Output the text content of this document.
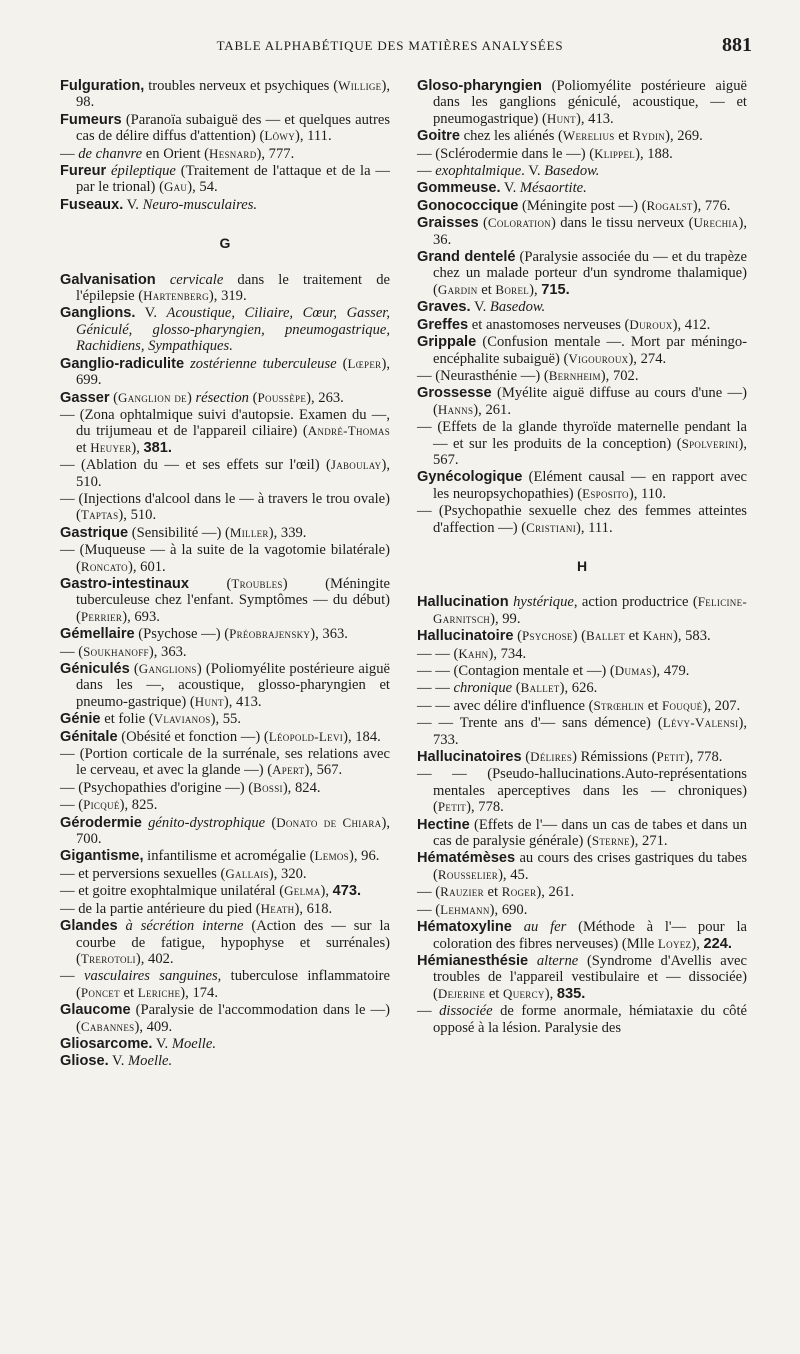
TABLE ALPHABÉTIQUE DES MATIÈRES ANALYSÉES	881
Fulguration, troubles nerveux et psychiques (Willige), 98.
Fumeurs (Paranoïa subaiguë des — et quelques autres cas de délire diffus d'attention) (Löwy), 111.
— de chanvre en Orient (Hesnard), 777.
Fureur épileptique (Traitement de l'attaque et de la — par le trional) (Gau), 54.
Fuseaux. V. Neuro-musculaires.
G
Galvanisation cervicale dans le traitement de l'épilepsie (Hartenberg), 319.
Ganglions. V. Acoustique, Ciliaire, Cœur, Gasser, Géniculé, glosso-pharyngien, pneumogastrique, Rachidiens, Sympathiques.
Ganglio-radiculite zostérienne tuberculeuse (Lœper), 699.
Gasser (Ganglion de) résection (Poussèpe), 263.
— (Zona ophtalmique suivi d'autopsie. Examen du —, du trijumeau et de l'appareil ciliaire) (André-Thomas et Heuyer), 381.
— (Ablation du — et ses effets sur l'œil) (Jaboulay), 510.
— (Injections d'alcool dans le — à travers le trou ovale) (Taptas), 510.
Gastrique (Sensibilité —) (Miller), 339.
— (Muqueuse — à la suite de la vagotomie bilatérale) (Roncato), 601.
Gastro-intestinaux (Troubles) (Méningite tuberculeuse chez l'enfant. Symptômes — du début) (Perrier), 693.
Gémellaire (Psychose —) (Préobrajensky), 363.
— (Soukhanoff), 363.
Géniculés (Ganglions) (Poliomyélite postérieure aiguë dans les —, acoustique, glosso-pharyngien et pneumo-gastrique) (Hunt), 413.
Génie et folie (Vlavianos), 55.
Génitale (Obésité et fonction —) (Léopold-Levi), 184.
— (Portion corticale de la surrénale, ses relations avec le cerveau, et avec la glande —) (Apert), 567.
— (Psychopathies d'origine —) (Bossi), 824.
— (Picqué), 825.
Gérodermie génito-dystrophique (Donato de Chiara), 700.
Gigantisme, infantilisme et acromégalie (Lemos), 96.
— et perversions sexuelles (Gallais), 320.
— et goitre exophtalmique unilatéral (Gelma), 473.
— de la partie antérieure du pied (Heath), 618.
Glandes à sécrétion interne (Action des — sur la courbe de fatigue, hypophyse et surrénales) (Trerotoli), 402.
— vasculaires sanguines, tuberculose inflammatoire (Poncet et Leriche), 174.
Glaucome (Paralysie de l'accommodation dans le —) (Cabannes), 409.
Gliosarcome. V. Moelle.
Gliose. V. Moelle.
Gloso-pharyngien (Poliomyélite postérieure aiguë dans les ganglions géniculé, acoustique, — et pneumogastrique) (Hunt), 413.
Goitre chez les aliénés (Werelius et Rydin), 269.
— (Sclérodermie dans le —) (Klippel), 188.
— exophtalmique. V. Basedow.
Gommeuse. V. Mésaortite.
Gonococcique (Méningite post —) (Rogalst), 776.
Graisses (Coloration) dans le tissu nerveux (Urechia), 36.
Grand dentelé (Paralysie associée du — et du trapèze chez un malade porteur d'un syndrome thalamique) (Gardin et Borel), 715.
Graves. V. Basedow.
Greffes et anastomoses nerveuses (Duroux), 412.
Grippale (Confusion mentale —. Mort par méningo-encéphalite subaiguë) (Vigouroux), 274.
— (Neurasthénie —) (Bernheim), 702.
Grossesse (Myélite aiguë diffuse au cours d'une —) (Hanns), 261.
— (Effets de la glande thyroïde maternelle pendant la — et sur les produits de la conception) (Spolverini), 567.
Gynécologique (Elément causal — en rapport avec les neuropsychopathies) (Esposito), 110.
— (Psychopathie sexuelle chez des femmes atteintes d'affection —) (Cristiani), 111.
H
Hallucination hystérique, action productrice (Felicine-Garnitsch), 99.
Hallucinatoire (Psychose) (Ballet et Kahn), 583.
— — (Kahn), 734.
— — (Contagion mentale et —) (Dumas), 479.
— — chronique (Ballet), 626.
— — avec délire d'influence (Strœhlin et Fouqué), 207.
— — Trente ans d'— sans démence) (Lévy-Valensi), 733.
Hallucinatoires (Délires) Rémissions (Petit), 778.
— — (Pseudo-hallucinations.Auto-représentations mentales aperceptives dans les — chroniques) (Petit), 778.
Hectine (Effets de l'— dans un cas de tabes et dans un cas de paralysie générale) (Sterne), 271.
Hématémèses au cours des crises gastriques du tabes (Rousselier), 45.
— (Rauzier et Roger), 261.
— (Lehmann), 690.
Hématoxyline au fer (Méthode à l'— pour la coloration des fibres nerveuses) (Mlle Loyez), 224.
Hémianesthésie alterne (Syndrome d'Avellis avec troubles de l'appareil vestibulaire et — dissociée) (Dejerine et Quercy), 835.
— dissociée de forme anormale, hémiataxie du côté opposé à la lésion. Paralysie des
